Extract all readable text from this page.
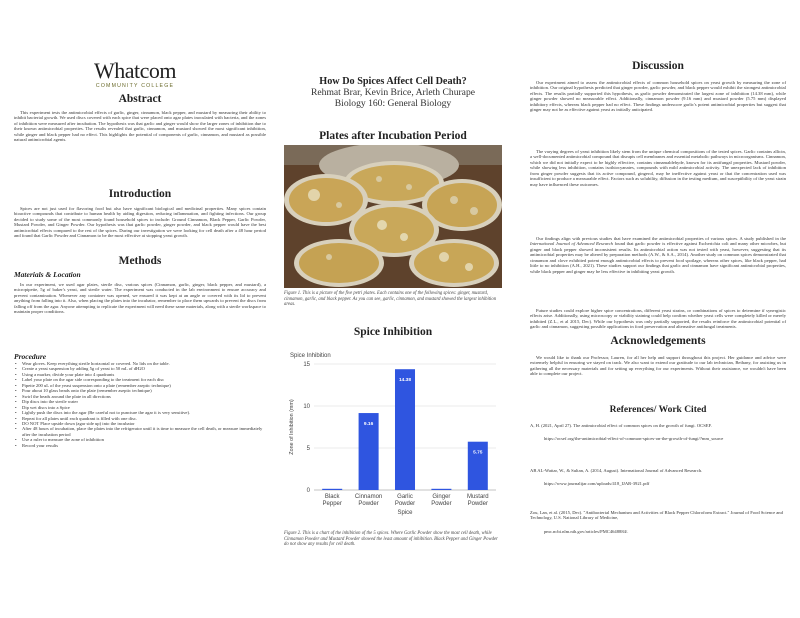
Whatcom
COMMUNITY COLLEGE
Abstract

This experiment tests the antimicrobial effects of garlic, ginger, cinnamon, black pepper, and mustard by measuring their ability to inhibit bacterial growth. We used discs covered with each spice that were placed onto agar plates inoculated with bacteria, and the zones of inhibition were measured after incubation. The hypothesis was that garlic and ginger would show the larger zones of inhibition due to their known antimicrobial properties. The results revealed that garlic, cinnamon, and mustard showed the most significant inhibition, while ginger and black pepper had no effect. This highlights the potential of components of garlic, cinnamon, and mustard as possible natural antimicrobial agents.

Introduction

Spices are not just used for flavoring food but also have significant biological and medicinal properties. Many spices contain bioactive compounds that contribute to human health by aiding digestion, reducing inflammation, and fighting infections. Our group decided to study some of the most commonly found household spices to include: Ground Cinnamon, Black Pepper, Garlic Powder, Mustard Powder, and Ginger Powder. Our hypothesis was that garlic powder, ginger powder, and black pepper would have the best antimicrobial effects compared to the rest of the spices. During our investigation we were looking for cell death after a 48 hour period and found that Garlic Powder and Cinnamon to be the most effective at stopping yeast growth.

Methods
Materials & Location

In our experiment, we used agar plates, sterile disc, various spices (Cinnamon, garlic, ginger, black pepper, and mustard), a micropipette, 5g of baker's yeast, and sterile water. The experiment was conducted in the lab environment to ensure accuracy and prevent contamination. Whenever any container was opened, we ensured it was kept at an angle or covered with its lid to prevent anything from falling into it. Also, when placing the plates into the incubator, remember to place them upwards to prevent the discs from falling off from the agar. Anyone attempting to replicate the experiment will need these same materials, along with a sterile workspace to maintain proper conditions.

Procedure
• Wear gloves. Keep everything sterile horizontal or covered. No lids on the table.
• Create a yeast suspension by adding 5g of yeast to 50 mL of dH2O
• Using a marker, divide your plate into 4 quadrants
• Label your plate on the agar side corresponding to the treatment for each disc
• Pipette 200 uL of the yeast suspension onto a plate (remember aseptic technique)
• Pour about 10 glass beads onto the plate (remember aseptic technique)
• Swirl the beads around the plate in all directions
• Dip discs into the sterile water
• Dip wet discs into a Spice
• Lightly push the discs into the agar (Be careful not to puncture the agar it is very sensitive).
• Repeat for all plates until each quadrant is filled with one disc.
• DO NOT Place upside down (agar side up) into the incubator
• After 48 hours of incubation, place the plates into the refrigerator until it is time to measure the cell death, or measure immediately after the incubation period
• Use a ruler to measure the zone of inhibition
• Record your results
How Do Spices Affect Cell Death?
Rehmat Brar, Kevin Brice, Arleth Churape
Biology 160: General Biology
Plates after Incubation Period

Figure 1. This is a picture of the five petri plates. Each contains one of the following spices: ginger, mustard, cinnamon, garlic, and black pepper. As you can see, garlic, cinnamon, and mustard showed the largest inhibition areas.

Spice Inhibition
Spice Inhibition
Zone of Inhibition (mm)
Spice
0
5
10
15
Black
Pepper
9.16
Cinnamon
Powder
14.38
Garlic
Powder
Ginger
Powder
5.75
Mustard
Powder

Figure 2. This is a chart of the inhibition of the 5 spices. Where Garlic Powder show the most cell death, while Cinnamon Powder and Mustard Powder showed the least amount of inhibition. Black Pepper and Ginger Powder do not show any results for cell death.

Discussion

Our experiment aimed to assess the antimicrobial effects of common household spices on yeast growth by measuring the zone of inhibition. Our original hypothesis predicted that ginger powder, garlic powder, and black pepper would exhibit the strongest antimicrobial effects. The results partially supported this hypothesis, as garlic powder demonstrated the largest zone of inhibition (14.38 mm), while ginger powder showed no measurable effect. Additionally, cinnamon powder (9.16 mm) and mustard powder (5.75 mm) displayed inhibitory effects, whereas black pepper had no effect. These findings underscore garlic's potent antimicrobial properties but suggest that ginger may not be as effective against yeast as initially anticipated.

The varying degrees of yeast inhibition likely stem from the unique chemical compositions of the tested spices. Garlic contains allicin, a well-documented antimicrobial compound that disrupts cell membranes and essential metabolic pathways in microorganisms. Cinnamon, which we did not initially expect to be highly effective, contains cinnamaldehyde, known for its antifungal properties. Mustard powder, while showing less inhibition, contains isothiocyanates, compounds with mild antimicrobial activity. The unexpected lack of inhibition from ginger powder suggests that its active compound, gingerol, may be ineffective against yeast or that the concentration used was insufficient to produce a measurable effect. Factors such as solubility, diffusion in the testing medium, and susceptibility of the yeast strain may have influenced these outcomes.

Our findings align with previous studies that have examined the antimicrobial properties of various spices. A study published in the International Journal of Advanced Research found that garlic powder is effective against Escherichia coli and many other microbes, but ginger and black pepper showed inconsistent results. Its antimicrobial action was not tested with yeast, however, suggesting that its antimicrobial properties may be altered by preparation methods (A.W., & S.A., 2014). Another study on common spices demonstrated that cinnamon and clove exhibited potent enough antimicrobial effects to prevent food spoilage, whereas other spices, like black pepper, had little to no inhibition (A.H., 2021). These studies support our findings that garlic and cinnamon have significant antimicrobial properties, while black pepper and ginger may be less effective in inhibiting yeast growth.

Future studies could explore higher spice concentrations, different yeast strains, or combinations of spices to determine if synergistic effects arise. Additionally, using microscopy or viability staining could help confirm whether yeast cells were completely killed or merely inhibited (Z.L., et al 2015, Dec). While our hypothesis was only partially supported, the results reinforce the antimicrobial potential of garlic and cinnamon, suggesting possible applications in food preservation and alternative antifungal treatments.

Acknowledgements

We would like to thank our Professor, Lauren, for all her help and support throughout this project. Her guidance and advice were extremely helpful in ensuring we stayed on track. We also want to extend our gratitude to our lab technician, Bethany, for assisting us in gathering all the necessary materials and for setting up everything for our experiments. Without their assistance, we wouldn't have been able to complete our project.

References/ Work Cited
A, H. (2021, April 27). The antimicrobial effect of common spices on the growth of fungi. OCSEF.
https://ocsef.org/the-antimicrobial-effect-of-common-spices-on-the-growth-of-fungi/?mm_source
AB AL-Wattar, W., & Sultan, A. (2014, August). International Journal of Advanced Research.
https://www.journalijar.com/uploads/418_IJAR-3921.pdf
Zou, Lan, et al. (2015, Dec). "Antibacterial Mechanism and Activities of Black Pepper Chloroform Extract." Journal of Food Science and Technology, U.S. National Library of Medicine,
pmc.ncbi.nlm.nih.gov/articles/PMC4648884/.
